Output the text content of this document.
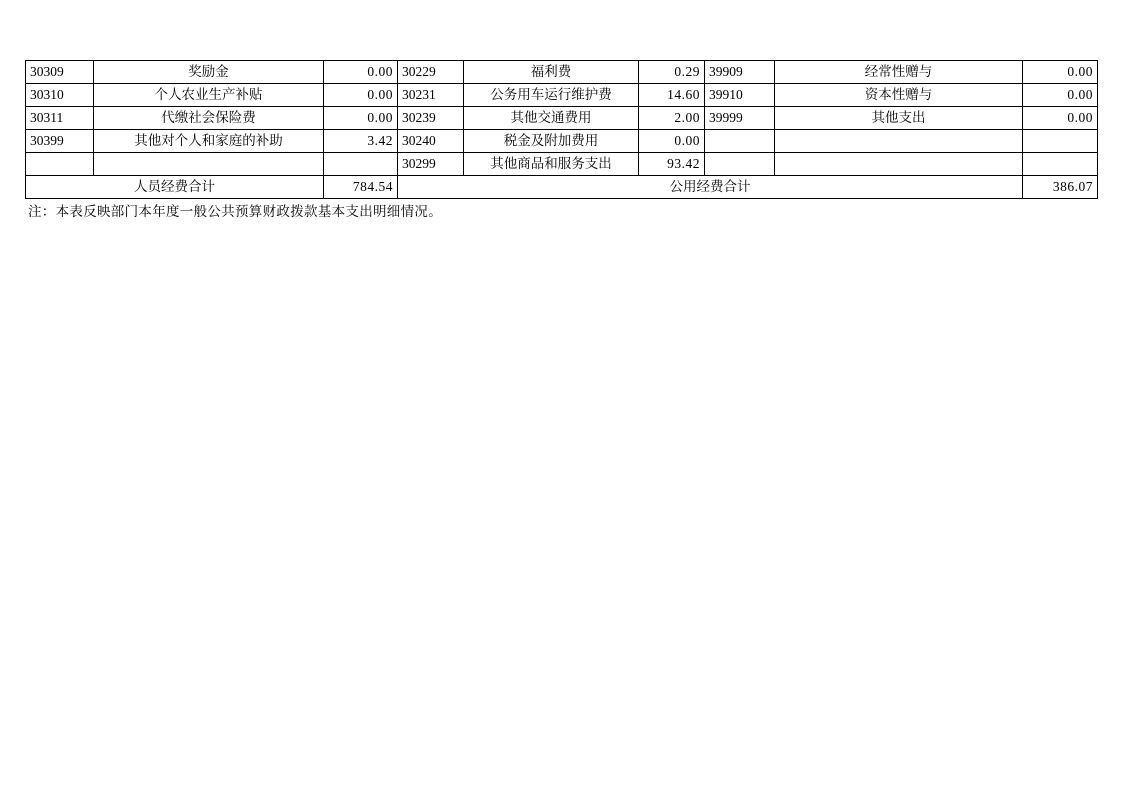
30309	奖励金	0.00	30229	福利费	0.29	39909	经常性赠与	0.00
30310	个人农业生产补贴	0.00	30231	公务用车运行维护费	14.60	39910	资本性赠与	0.00
30311	代缴社会保险费	0.00	30239	其他交通费用	2.00	39999	其他支出	0.00
30399	其他对个人和家庭的补助	3.42	30240	税金及附加费用	0.00			
			30299	其他商品和服务支出	93.42			
人员经费合计		784.54	公用经费合计					386.07
注：本表反映部门本年度一般公共预算财政拨款基本支出明细情况。
